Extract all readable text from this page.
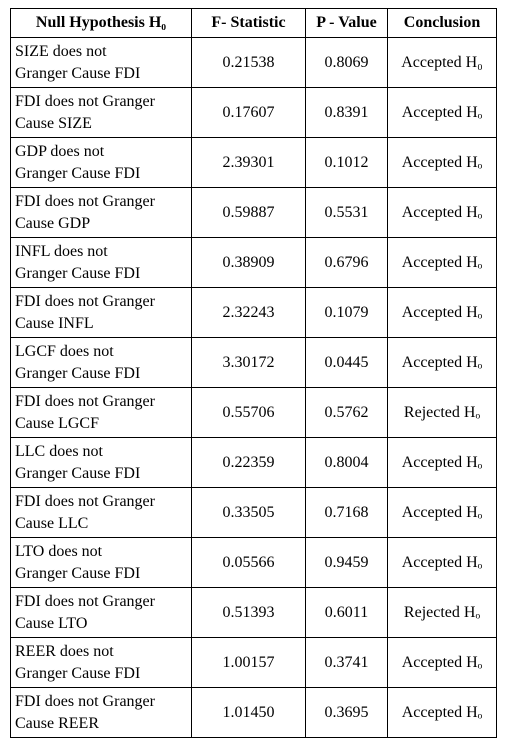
Null Hypothesis H₀	F- Statistic	P - Value	Conclusion

SIZE does not
Granger Cause FDI	0.21538	0.8069	Accepted H₀

FDI does not Granger
Cause SIZE	0.17607	0.8391	Accepted Hₒ

GDP does not
Granger Cause FDI	2.39301	0.1012	Accepted Hₒ

FDI does not Granger
Cause GDP	0.59887	0.5531	Accepted Hₒ

INFL does not
Granger Cause FDI	0.38909	0.6796	Accepted Hₒ

FDI does not Granger
Cause INFL	2.32243	0.1079	Accepted Hₒ

LGCF does not
Granger Cause FDI	3.30172	0.0445	Accepted Hₒ

FDI does not Granger
Cause LGCF	0.55706	0.5762	Rejected Hₒ

LLC does not
Granger Cause FDI	0.22359	0.8004	Accepted Hₒ

FDI does not Granger
Cause LLC	0.33505	0.7168	Accepted Hₒ

LTO does not
Granger Cause FDI	0.05566	0.9459	Accepted Hₒ

FDI does not Granger
Cause LTO	0.51393	0.6011	Rejected Hₒ

REER does not
Granger Cause FDI	1.00157	0.3741	Accepted Hₒ

FDI does not Granger
Cause REER	1.01450	0.3695	Accepted Hₒ
